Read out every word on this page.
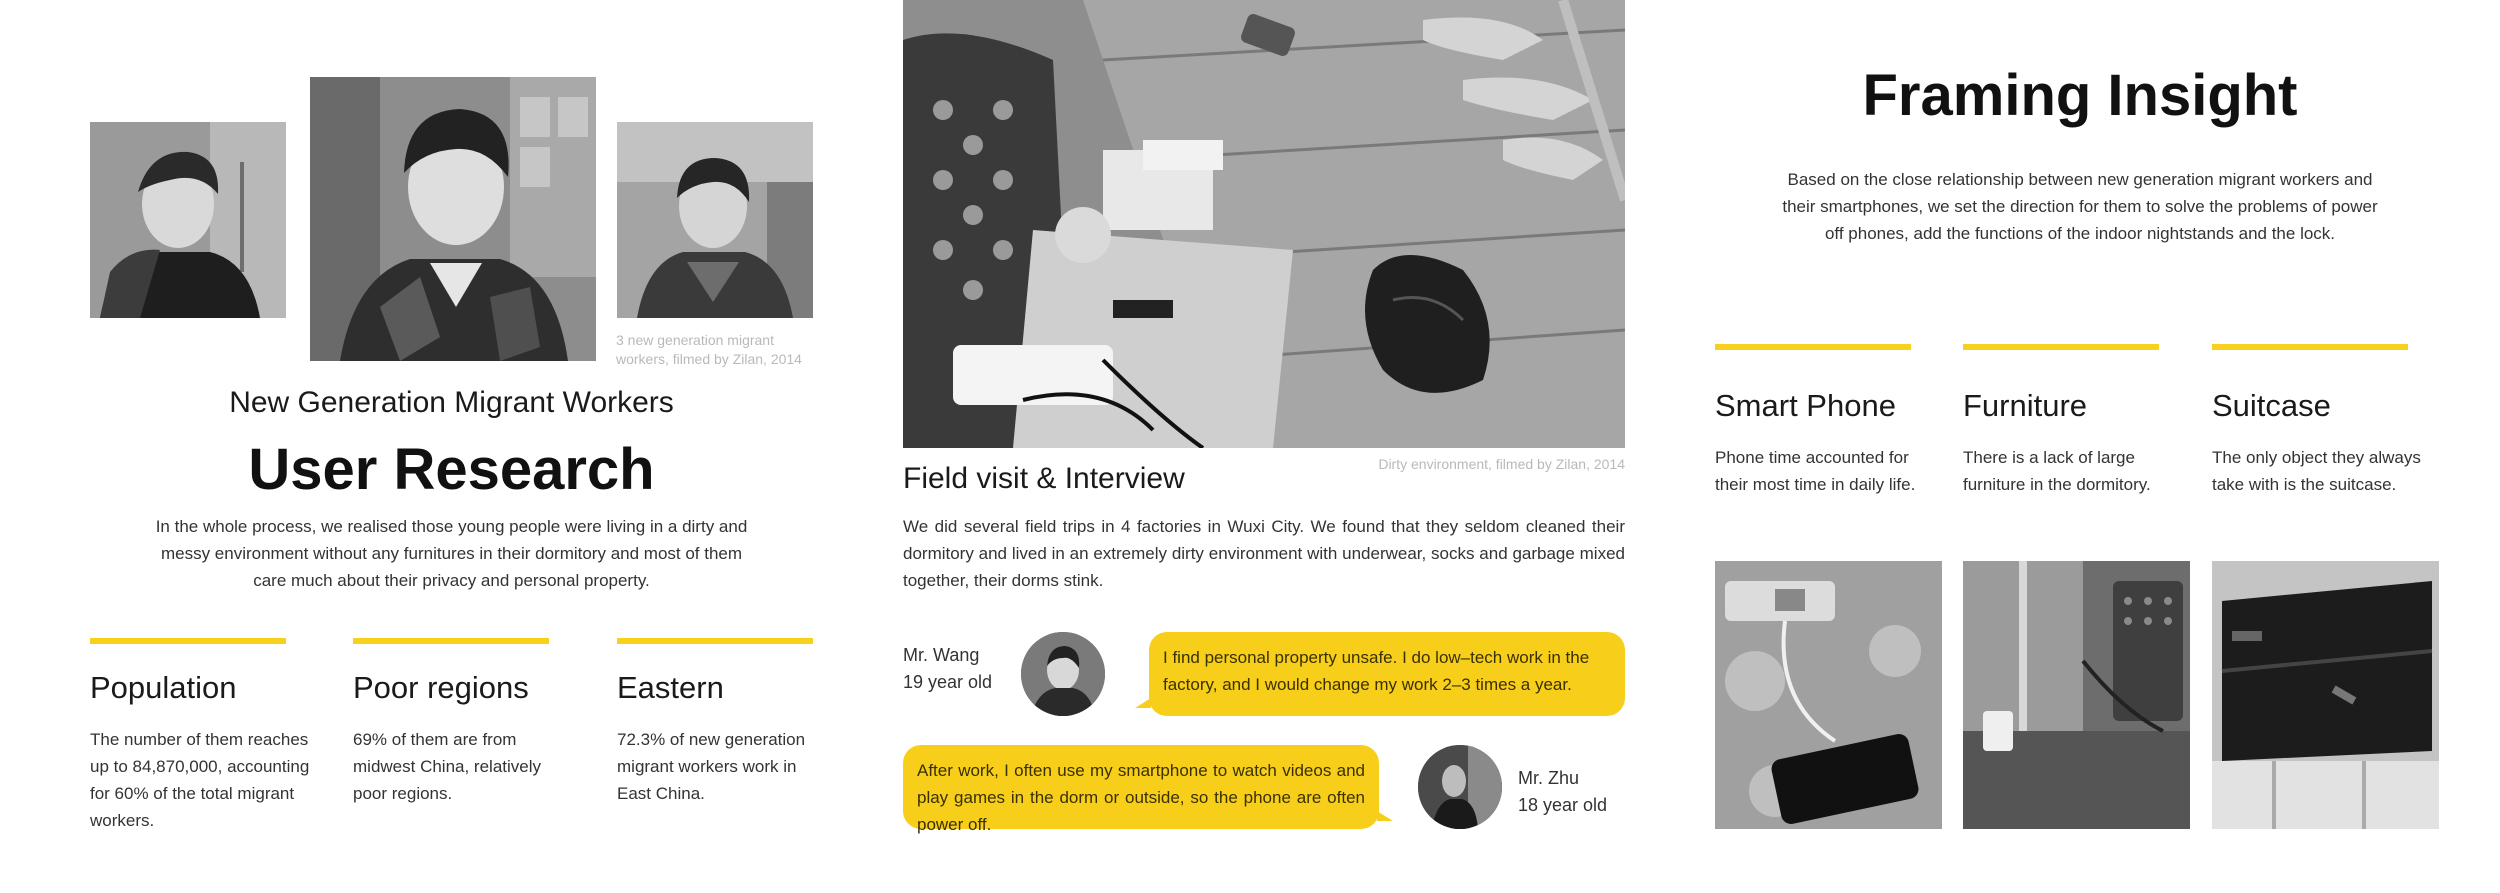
3 new generation migrant workers, filmed by Zilan, 2014
New Generation Migrant Workers
User Research
In the whole process, we realised those young people were living in a dirty and messy environment without any furnitures in their dormitory and most of them care much about their privacy and personal property.
Population	Poor regions	Eastern
The number of them reaches up to 84,870,000, accounting for 60% of the total migrant workers.
69% of them are from midwest China, relatively poor regions.
72.3% of new generation migrant workers work in East China.
Dirty environment, filmed by Zilan, 2014
Field visit & Interview
We did several field trips in 4 factories in Wuxi City. We found that they seldom cleaned their dormitory and lived in an extremely dirty environment with underwear, socks and garbage mixed together, their dorms stink.
Mr. Wang
19 year old
I find personal property unsafe. I do low–tech work in the factory, and I would change my work 2–3 times a year.
After work, I often use my smartphone to watch videos and play games in the dorm or outside, so the phone are often power off.
Mr. Zhu
18 year old
Framing Insight
Based on the close relationship between new generation migrant workers and their smartphones, we set the direction for them to solve the problems of power off phones, add the functions of the indoor nightstands and the lock.
Smart Phone	Furniture	Suitcase
Phone time accounted for their most time in daily life.
There is a lack of large furniture in the dormitory.
The only object they always take with is the suitcase.
